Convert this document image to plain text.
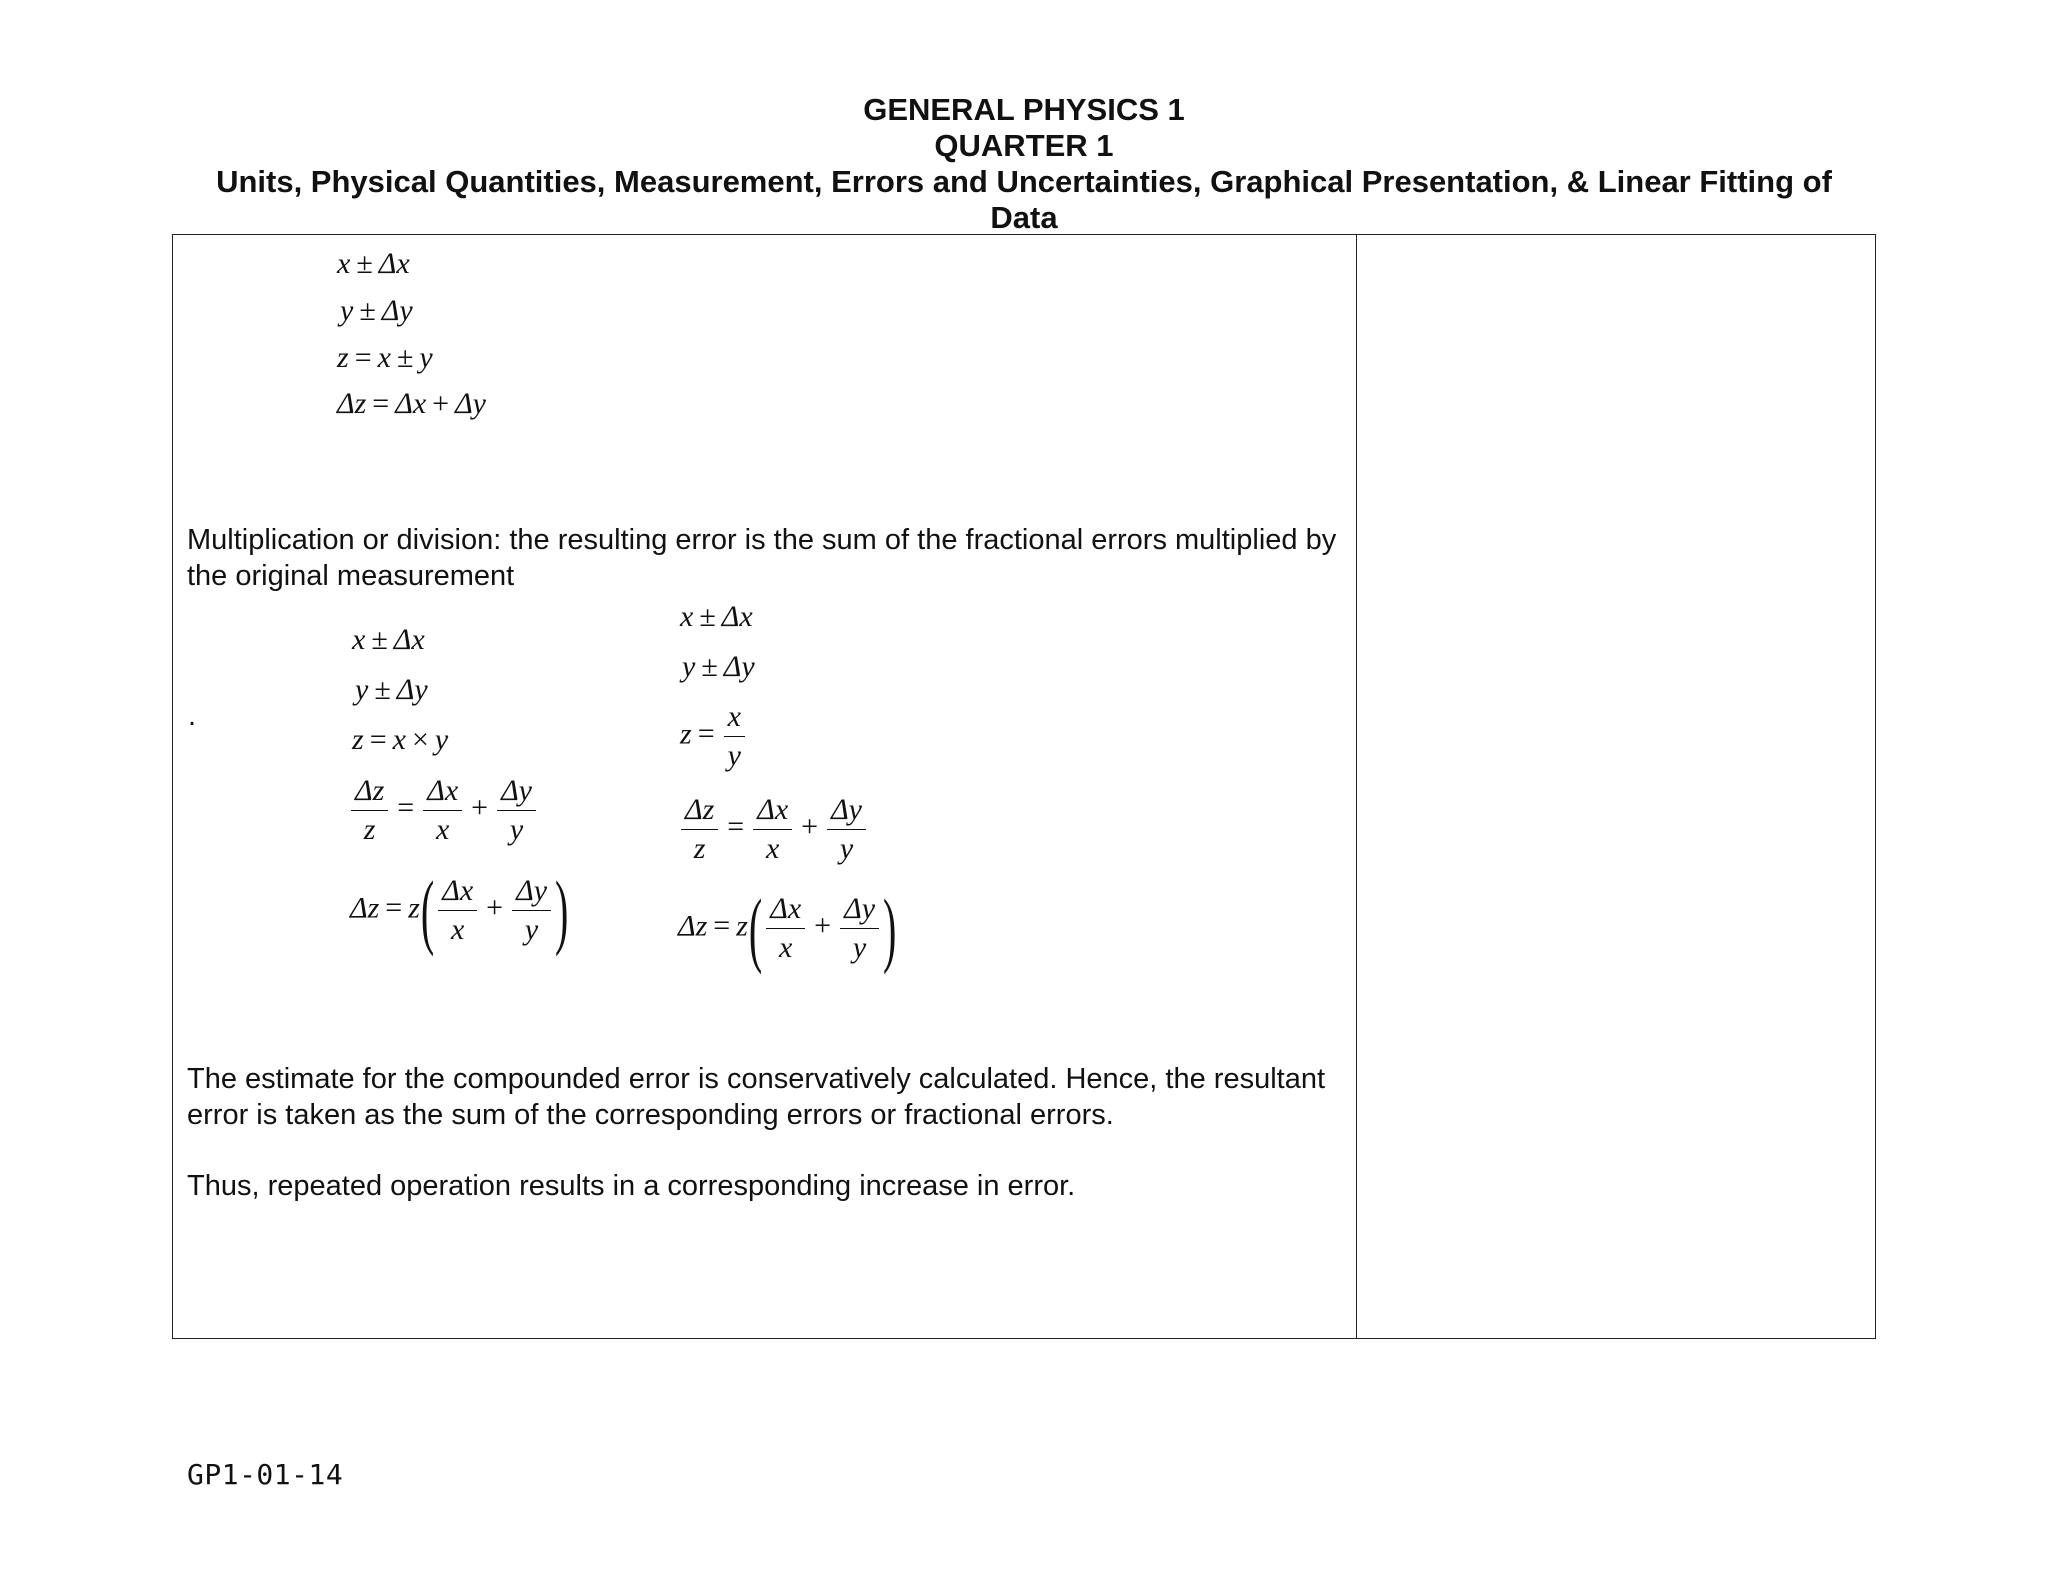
GENERAL PHYSICS 1
QUARTER 1
Units, Physical Quantities, Measurement, Errors and Uncertainties, Graphical Presentation, & Linear Fitting of
Data
x ± Δx
y ± Δy
z = x ± y
Δz = Δx + Δy
Multiplication or division: the resulting error is the sum of the fractional errors multiplied by the original measurement
.
x ± Δx
y ± Δy
z = x × y
$\frac{\Delta z}{z} = \frac{\Delta x}{x} + \frac{\Delta y}{y}$
$\Delta z = z( \frac{\Delta x}{x} + \frac{\Delta y}{y}$ )
x ± Δx
y ± Δy
$z = \frac{x}{y}$
$\frac{\Delta z}{z} = \frac{\Delta x}{x} + \frac{\Delta y}{y}$
$\Delta z = z( \frac{\Delta x}{x} + \frac{\Delta y}{y}$ )
The estimate for the compounded error is conservatively calculated. Hence, the resultant error is taken as the sum of the corresponding errors or fractional errors.
Thus, repeated operation results in a corresponding increase in error.
GP1-01-14
